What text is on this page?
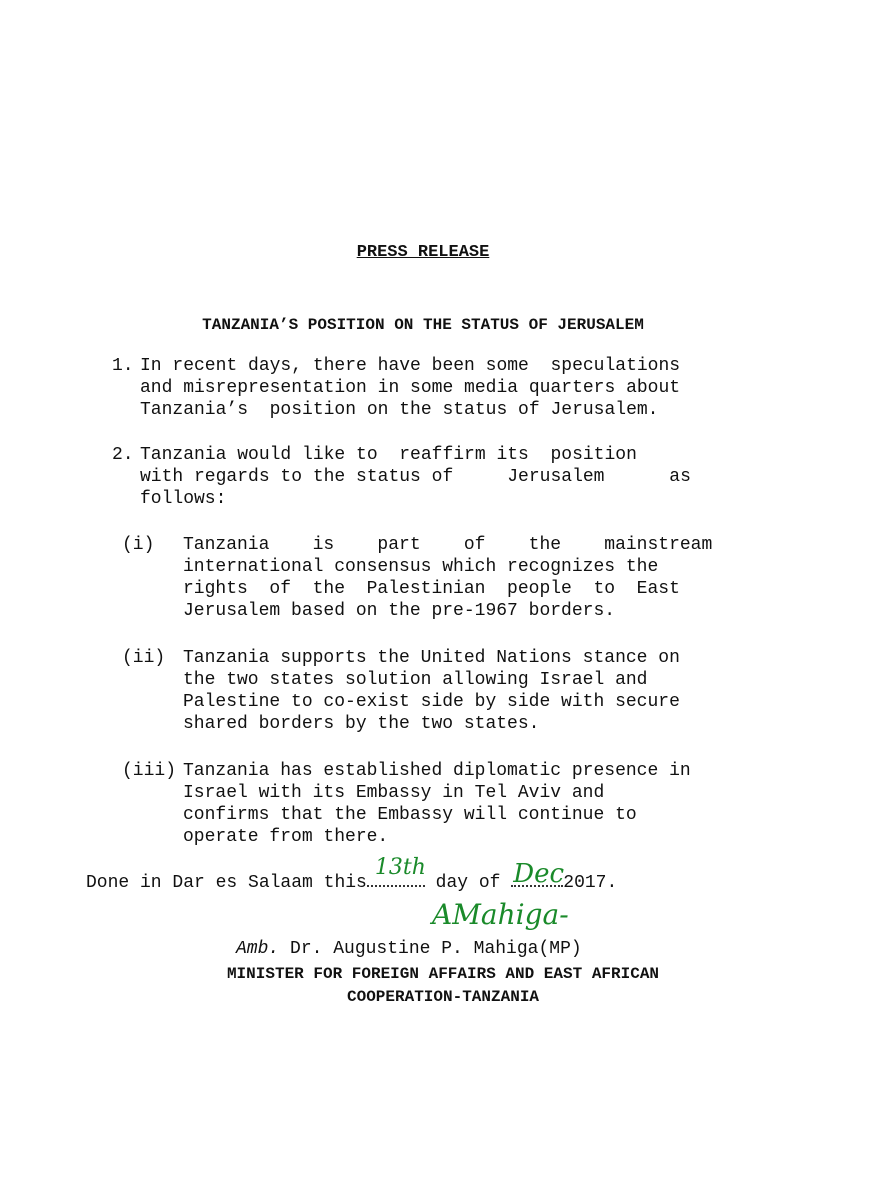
PRESS RELEASE
TANZANIA’S POSITION ON THE STATUS OF JERUSALEM
1. In recent days, there have been some  speculations
and misrepresentation in some media quarters about
Tanzania’s  position on the status of Jerusalem.
2. Tanzania would like to  reaffirm its  position
with regards to the status of     Jerusalem      as
follows:
(i) Tanzania    is    part    of    the    mainstream
international consensus which recognizes the
rights  of  the  Palestinian  people  to  East
Jerusalem based on the pre-1967 borders.
(ii) Tanzania supports the United Nations stance on
the two states solution allowing Israel and
Palestine to co-exist side by side with secure
shared borders by the two states.
(iii) Tanzania has established diplomatic presence in
Israel with its Embassy in Tel Aviv and
confirms that the Embassy will continue to
operate from there.
Done in Dar es Salaam this
13th
day of Dec 2017.
AMahiga-
Amb. Dr. Augustine P. Mahiga(MP)
MINISTER FOR FOREIGN AFFAIRS AND EAST AFRICAN
COOPERATION-TANZANIA
